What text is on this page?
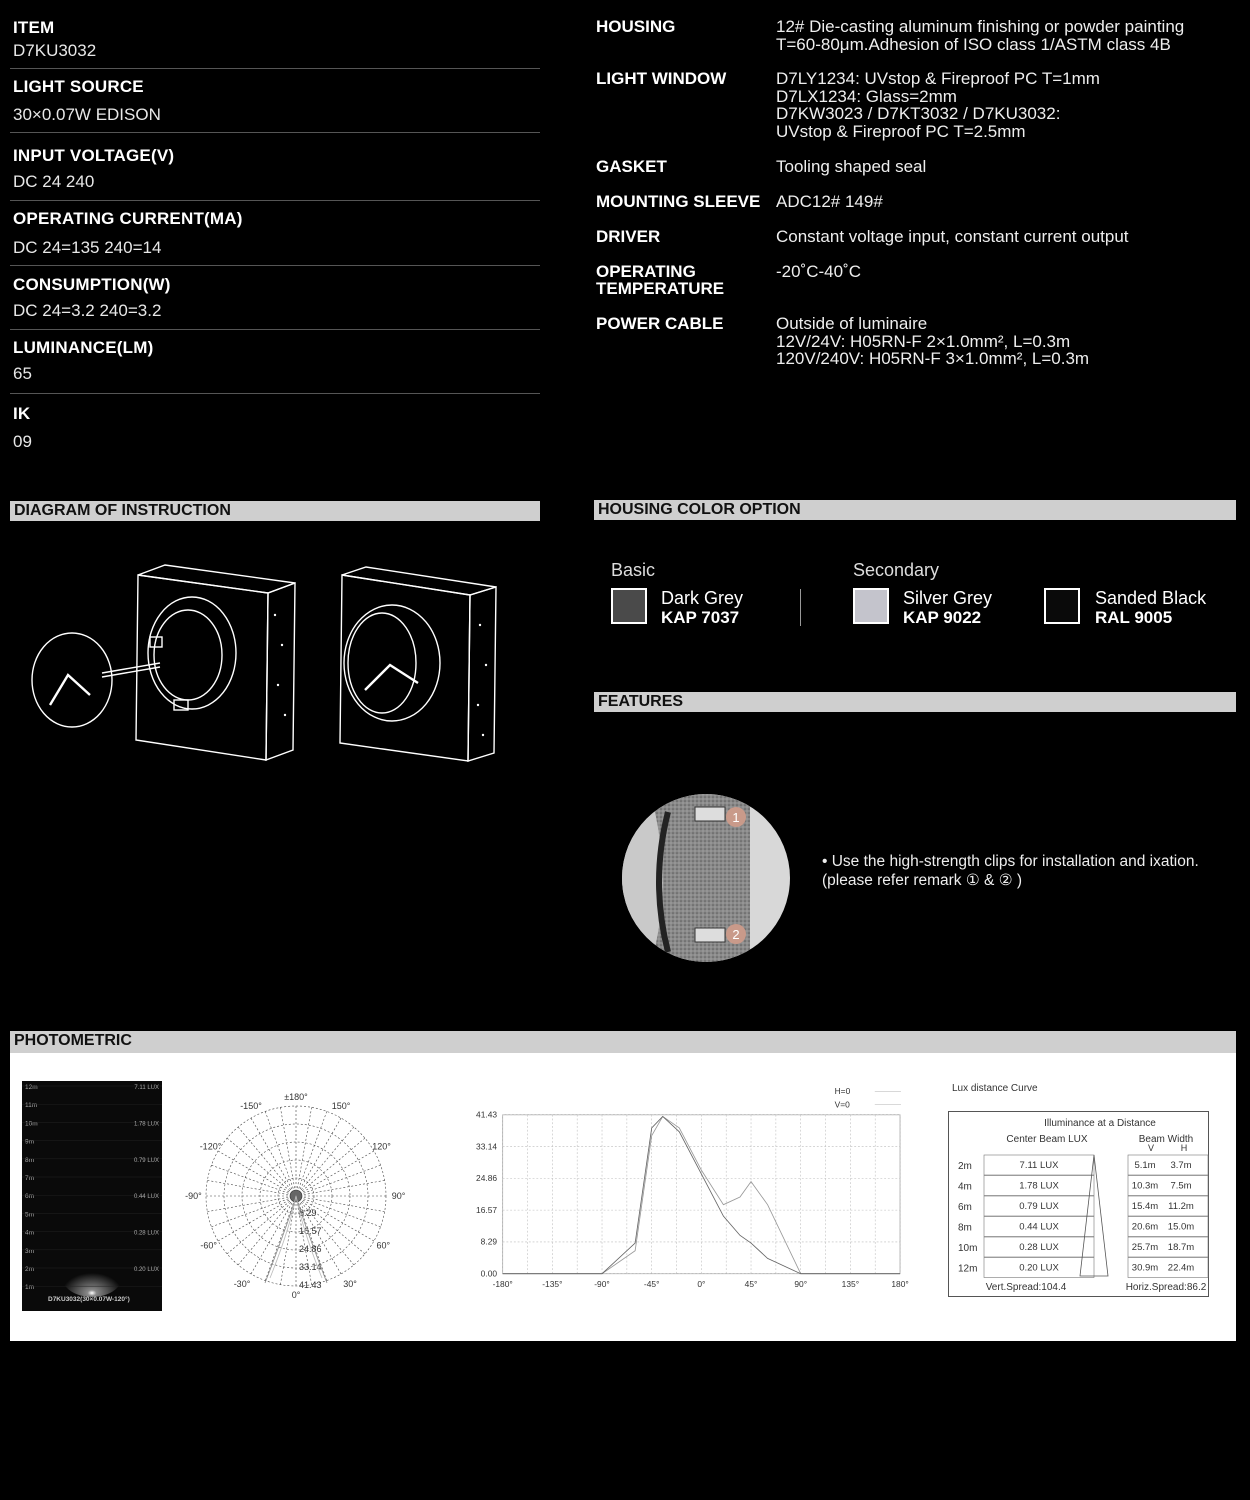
ITEM
D7KU3032
LIGHT SOURCE
30×0.07W EDISON
INPUT VOLTAGE(V)
DC 24 240
OPERATING CURRENT(MA)
DC 24=135 240=14
CONSUMPTION(W)
DC 24=3.2 240=3.2
LUMINANCE(LM)
65
IK
09
HOUSING	12# Die-casting aluminum finishing or powder painting
T=60-80μm.Adhesion of ISO class 1/ASTM class 4B
LIGHT WINDOW	D7LY1234: UVstop & Fireproof PC T=1mm
D7LX1234: Glass=2mm
D7KW3023 / D7KT3032 / D7KU3032:
UVstop & Fireproof PC T=2.5mm
GASKET	Tooling shaped seal
MOUNTING SLEEVE ADC12# 149#
DRIVER	Constant voltage input, constant current output
OPERATING
TEMPERATURE
-20˚C-40˚C
POWER CABLE	Outside of luminaire
12V/24V: H05RN-F 2×1.0mm², L=0.3m
120V/240V: H05RN-F 3×1.0mm², L=0.3m
DIAGRAM OF INSTRUCTION	HOUSING COLOR OPTION
FEATURES
PHOTOMETRIC
Basic	Secondary
Dark Grey
KAP 7037
Silver Grey
KAP 9022
Sanded Black
RAL 9005
1
2
• Use the high-strength clips for installation and ixation.
(please refer remark ① & ② )
12m
11m
10m
9m
8m
7m
6m
5m
4m
3m
2m
1m
7.11 LUX
1.78 LUX
0.79 LUX
0.44 LUX
0.28 LUX
0.20 LUX
D7KU3032(30×0.07W-120°)
±180°
-150°	150°
-120°	120°
-90°	90°
-60°	60°
-30°	30°
0°
8.29
16.57
24.86
33.14
41.43
0.00
8.29
16.57
24.86
33.14
41.43
-180°	-135°	-90°	-45°	0°	45°	90°	135°	180°
H=0
V=0
Lux distance Curve
Illuminance at a Distance
Center Beam LUX	Beam Width
V	H
2m	7.11 LUX	5.1m 3.7m
4m	1.78 LUX	10.3m 7.5m
6m	0.79 LUX	15.4m 11.2m
8m	0.44 LUX	20.6m 15.0m
10m	0.28 LUX	25.7m 18.7m
12m	0.20 LUX	30.9m 22.4m
Vert.Spread:104.4	Horiz.Spread:86.2
